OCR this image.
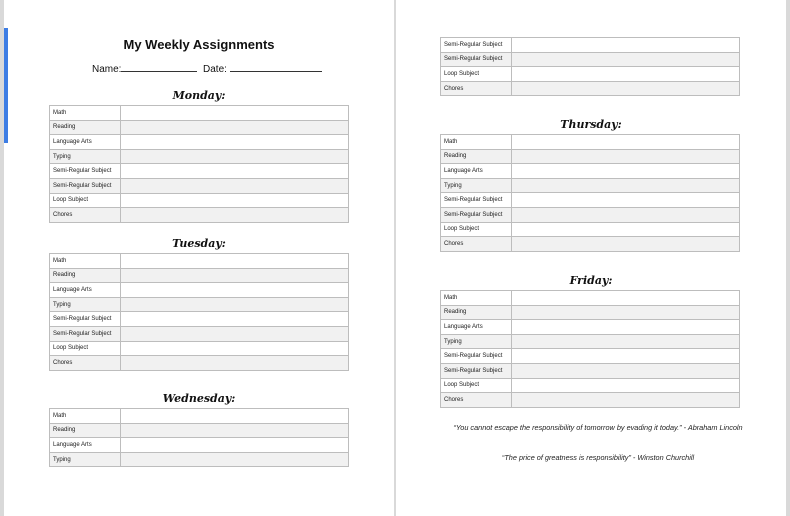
My Weekly Assignments
Name:	Date:
Monday:
Math	
Reading	
Language Arts	
Typing	
Semi-Regular Subject	
Semi-Regular Subject	
Loop Subject	
Chores	
Tuesday:
Math	
Reading	
Language Arts	
Typing	
Semi-Regular Subject	
Semi-Regular Subject	
Loop Subject	
Chores	
Wednesday:
Math	
Reading	
Language Arts	
Typing	
Semi-Regular Subject	
Semi-Regular Subject	
Loop Subject	
Chores	
Thursday:
Math	
Reading	
Language Arts	
Typing	
Semi-Regular Subject	
Semi-Regular Subject	
Loop Subject	
Chores	
Friday:
Math	
Reading	
Language Arts	
Typing	
Semi-Regular Subject	
Semi-Regular Subject	
Loop Subject	
Chores	
“You cannot escape the responsibility of tomorrow by evading it today.” - Abraham Lincoln
“The price of greatness is responsibility” - Winston Churchill
